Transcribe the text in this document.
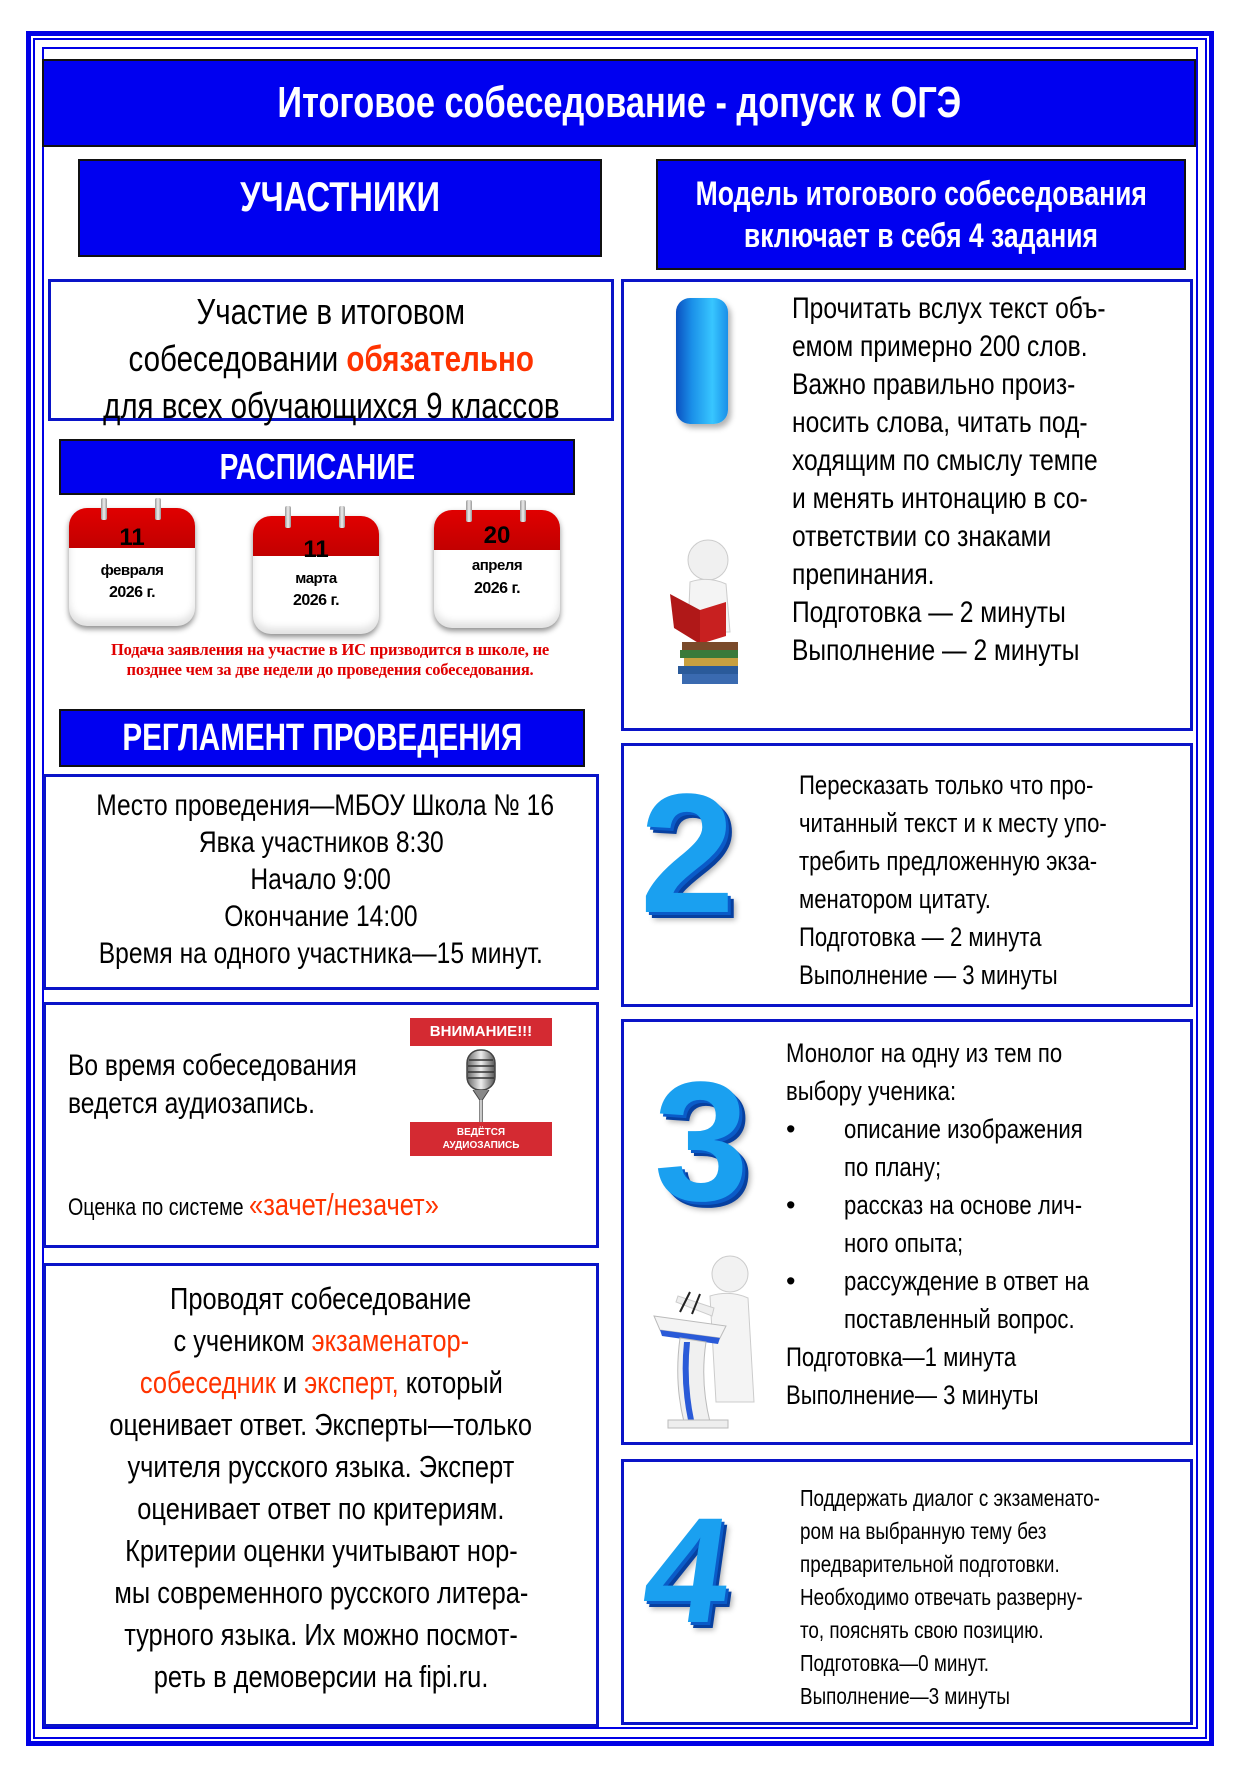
Итоговое собеседование - допуск к ОГЭ
УЧАСТНИКИ
Участие в итоговом
собеседовании обязательно
для всех обучающихся 9 классов
РАСПИСАНИЕ
11
февраля
2026 г.
11
марта
2026 г.
20
апреля
2026 г.
Подача заявления на участие в ИС призводится в школе, не
позднее чем за две недели до проведения собеседования.
РЕГЛАМЕНТ ПРОВЕДЕНИЯ
Место проведения—МБОУ Школа № 16
Явка участников 8:30
Начало 9:00
Окончание 14:00
Время на одного участника—15 минут.
Во время собеседования
ведется аудиозапись.
ВНИМАНИЕ!!!
ВЕДЁТСЯ
АУДИОЗАПИСЬ
Оценка по системе «зачет/незачет»
Проводят собеседование
с учеником экзаменатор-
собеседник и эксперт, который
оценивает ответ. Эксперты—только
учителя русского языка. Эксперт
оценивает ответ по критериям.
Критерии оценки учитывают нор-
мы современного русского литера-
турного языка. Их можно посмот-
реть в демоверсии на fipi.ru.
Модель итогового собеседования
включает в себя 4 задания
Прочитать вслух текст объ-
емом примерно 200 слов.
Важно правильно произ-
носить слова, читать под-
ходящим по смыслу темпе
и менять интонацию в со-
ответствии со знаками
препинания.
Подготовка — 2 минуты
Выполнение — 2 минуты
2 Пересказать только что про-
читанный текст и к месту упо-
требить предложенную экза-
менатором цитату.
Подготовка — 2 минута
Выполнение — 3 минуты
3 Монолог на одну из тем по
выбору ученика:
• описание изображения
по плану;
• рассказ на основе лич-
ного опыта;
• рассуждение в ответ на
поставленный вопрос.
Подготовка—1 минута
Выполнение— 3 минуты
4	Поддержать диалог с экзаменато-
ром на выбранную тему без
предварительной подготовки.
Необходимо отвечать разверну-
то, пояснять свою позицию.
Подготовка—0 минут.
Выполнение—3 минуты
